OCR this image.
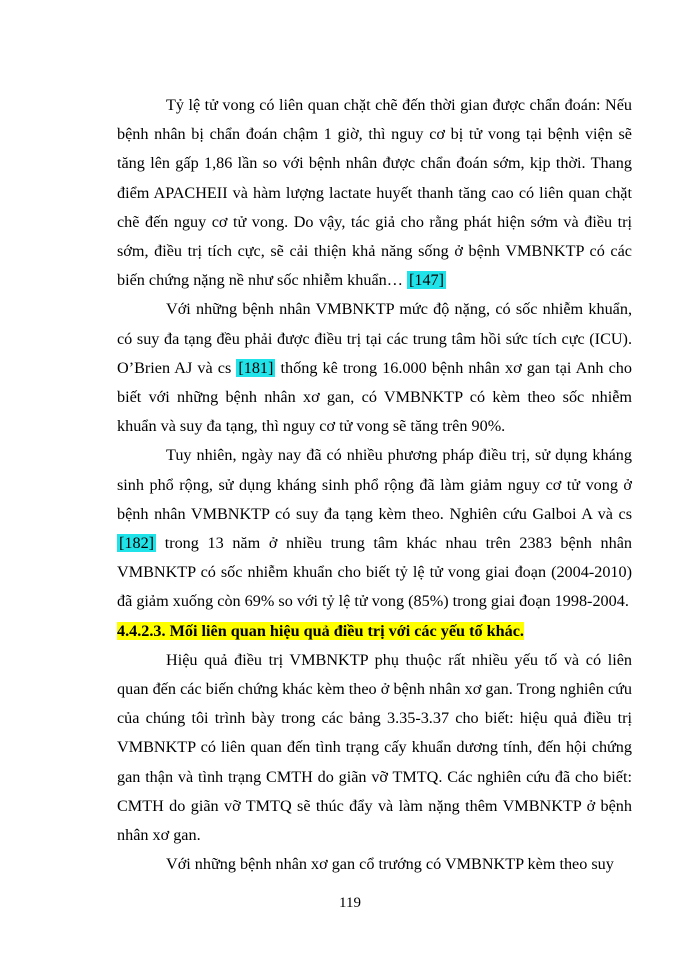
Tỷ lệ tử vong có liên quan chặt chẽ đến thời gian được chẩn đoán: Nếu bệnh nhân bị chẩn đoán chậm 1 giờ, thì nguy cơ bị tử vong tại bệnh viện sẽ tăng lên gấp 1,86 lần so với bệnh nhân được chẩn đoán sớm, kịp thời. Thang điểm APACHEII và hàm lượng lactate huyết thanh tăng cao có liên quan chặt chẽ đến nguy cơ tử vong. Do vậy, tác giả cho rằng phát hiện sớm và điều trị sớm, điều trị tích cực, sẽ cải thiện khả năng sống ở bệnh VMBNKTP có các biến chứng nặng nề như sốc nhiễm khuẩn… [147]

Với những bệnh nhân VMBNKTP mức độ nặng, có sốc nhiễm khuẩn, có suy đa tạng đều phải được điều trị tại các trung tâm hồi sức tích cực (ICU). O’Brien AJ và cs [181] thống kê trong 16.000 bệnh nhân xơ gan tại Anh cho biết với những bệnh nhân xơ gan, có VMBNKTP có kèm theo sốc nhiễm khuẩn và suy đa tạng, thì nguy cơ tử vong sẽ tăng trên 90%.

Tuy nhiên, ngày nay đã có nhiều phương pháp điều trị, sử dụng kháng sinh phổ rộng, sử dụng kháng sinh phổ rộng đã làm giảm nguy cơ tử vong ở bệnh nhân VMBNKTP có suy đa tạng kèm theo. Nghiên cứu Galboi A và cs [182] trong 13 năm ở nhiều trung tâm khác nhau trên 2383 bệnh nhân VMBNKTP có sốc nhiễm khuẩn cho biết tỷ lệ tử vong giai đoạn (2004-2010) đã giảm xuống còn 69% so với tỷ lệ tử vong (85%) trong giai đoạn 1998-2004.

4.4.2.3. Mối liên quan hiệu quả điều trị với các yếu tố khác.

Hiệu quả điều trị VMBNKTP phụ thuộc rất nhiều yếu tố và có liên quan đến các biến chứng khác kèm theo ở bệnh nhân xơ gan. Trong nghiên cứu của chúng tôi trình bày trong các bảng 3.35-3.37 cho biết: hiệu quả điều trị VMBNKTP có liên quan đến tình trạng cấy khuẩn dương tính, đến hội chứng gan thận và tình trạng CMTH do giãn vỡ TMTQ. Các nghiên cứu đã cho biết: CMTH do giãn vỡ TMTQ sẽ thúc đẩy và làm nặng thêm VMBNKTP ở bệnh nhân xơ gan.

Với những bệnh nhân xơ gan cổ trướng có VMBNKTP kèm theo suy

119
